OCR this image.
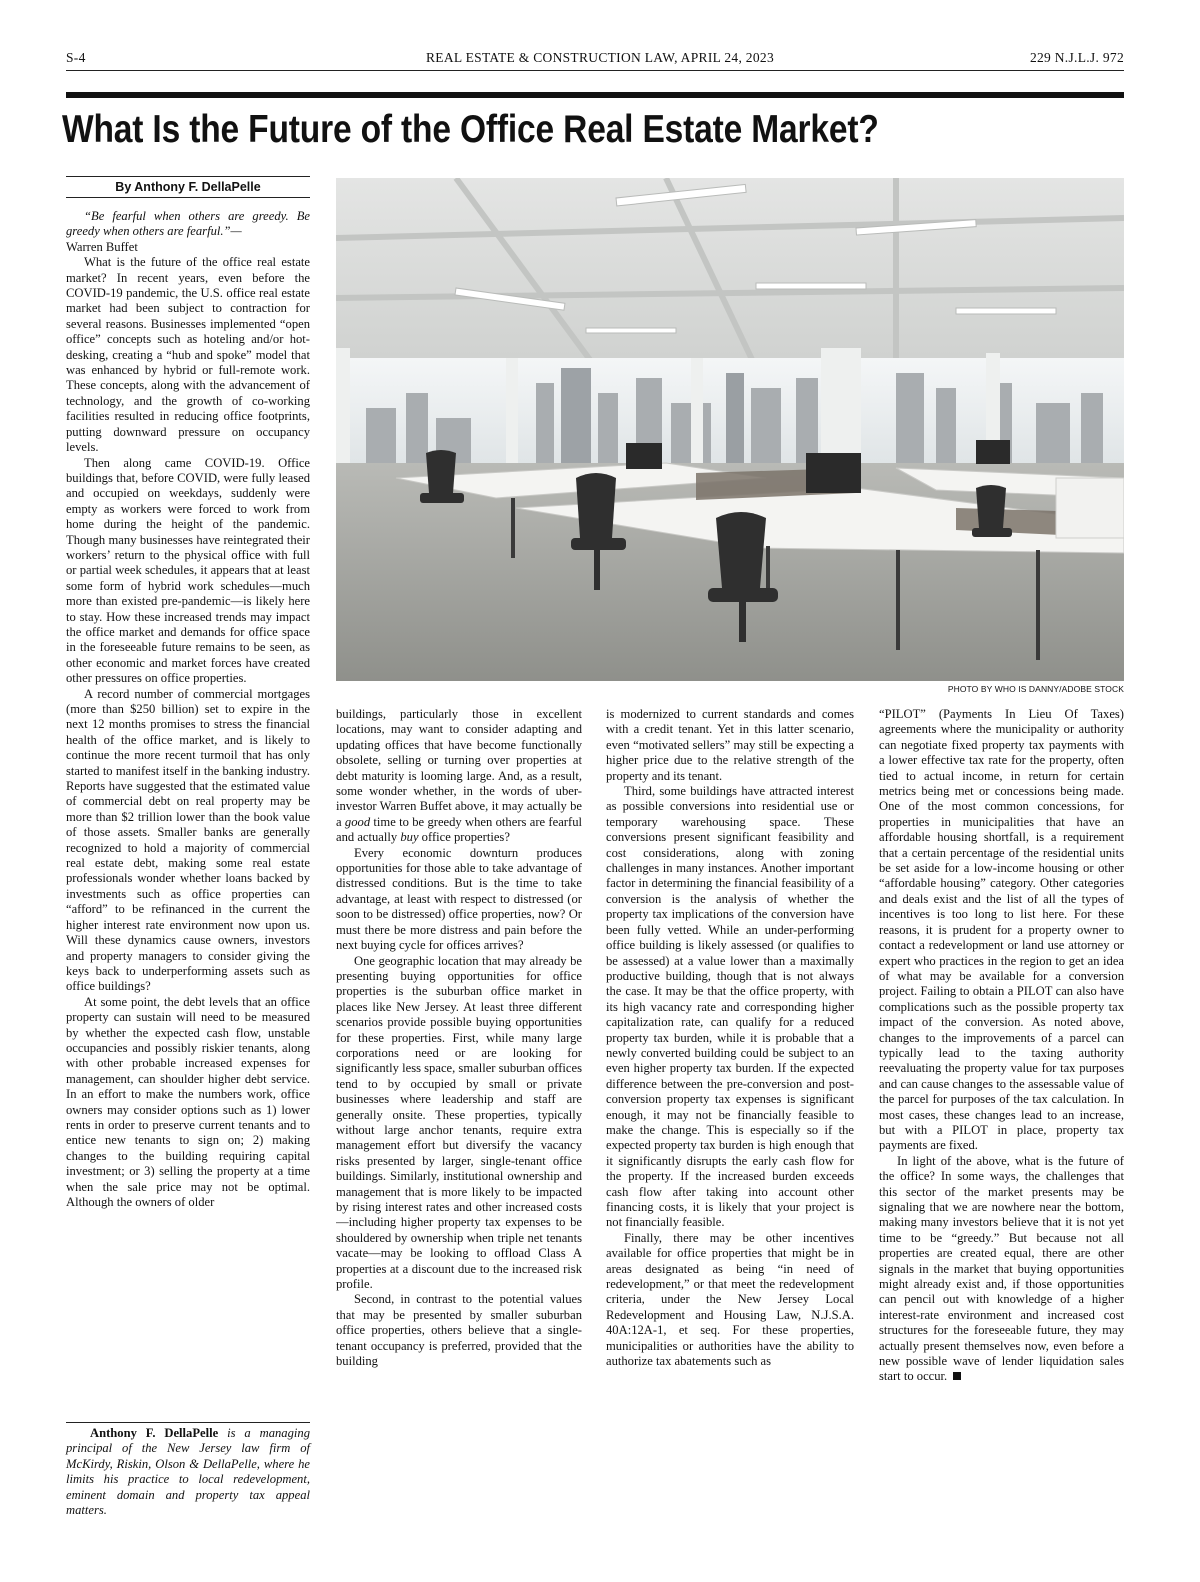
S-4	REAL ESTATE & CONSTRUCTION LAW, APRIL 24, 2023	229 N.J.L.J. 972
What Is the Future of the Office Real Estate Market?
By Anthony F. DellaPelle

“Be fearful when others are greedy. Be greedy when others are fearful.”—

Warren Buffet

What is the future of the office real estate market? In recent years, even before the COVID-19 pandemic, the U.S. office real estate market had been subject to contraction for several reasons. Businesses implemented “open office” concepts such as hoteling and/or hot-desking, creating a “hub and spoke” model that was enhanced by hybrid or full-remote work. These concepts, along with the advancement of technology, and the growth of co-working facilities resulted in reducing office footprints, putting downward pressure on occupancy levels.

Then along came COVID-19. Office buildings that, before COVID, were fully leased and occupied on weekdays, suddenly were empty as workers were forced to work from home during the height of the pandemic. Though many businesses have reintegrated their workers’ return to the physical office with full or partial week schedules, it appears that at least some form of hybrid work schedules—much more than existed pre-pandemic—is likely here to stay. How these increased trends may impact the office market and demands for office space in the foreseeable future remains to be seen, as other economic and market forces have created other pressures on office properties.

A record number of commercial mortgages (more than $250 billion) set to expire in the next 12 months promises to stress the financial health of the office market, and is likely to continue the more recent turmoil that has only started to manifest itself in the banking industry. Reports have suggested that the estimated value of commercial debt on real property may be more than $2 trillion lower than the book value of those assets. Smaller banks are generally recognized to hold a majority of commercial real estate debt, making some real estate professionals wonder whether loans backed by investments such as office properties can “afford” to be refinanced in the current the higher interest rate environment now upon us. Will these dynamics cause owners, investors and property managers to consider giving the keys back to underperforming assets such as office buildings?

At some point, the debt levels that an office property can sustain will need to be measured by whether the expected cash flow, unstable occupancies and possibly riskier tenants, along with other probable increased expenses for management, can shoulder higher debt service. In an effort to make the numbers work, office owners may consider options such as 1) lower rents in order to preserve current tenants and to entice new tenants to sign on; 2) making changes to the building requiring capital investment; or 3) selling the property at a time when the sale price may not be optimal. Although the owners of older

Anthony F. DellaPelle is a managing principal of the New Jersey law firm of McKirdy, Riskin, Olson & DellaPelle, where he limits his practice to local redevelopment, eminent domain and property tax appeal matters.
PHOTO BY WHO IS DANNY/ADOBE STOCK

buildings, particularly those in excellent locations, may want to consider adapting and updating offices that have become functionally obsolete, selling or turning over properties at debt maturity is looming large. And, as a result, some wonder whether, in the words of uber-investor Warren Buffet above, it may actually be a good time to be greedy when others are fearful and actually buy office properties?

Every economic downturn produces opportunities for those able to take advantage of distressed conditions. But is the time to take advantage, at least with respect to distressed (or soon to be distressed) office properties, now? Or must there be more distress and pain before the next buying cycle for offices arrives?

One geographic location that may already be presenting buying opportunities for office properties is the suburban office market in places like New Jersey. At least three different scenarios provide possible buying opportunities for these properties. First, while many large corporations need or are looking for significantly less space, smaller suburban offices tend to by occupied by small or private businesses where leadership and staff are generally onsite. These properties, typically without large anchor tenants, require extra management effort but diversify the vacancy risks presented by larger, single-tenant office buildings. Similarly, institutional ownership and management that is more likely to be impacted by rising interest rates and other increased costs—including higher property tax expenses to be shouldered by ownership when triple net tenants vacate—may be looking to offload Class A properties at a discount due to the increased risk profile.

Second, in contrast to the potential values that may be presented by smaller suburban office properties, others believe that a single-tenant occupancy is preferred, provided that the building

is modernized to current standards and comes with a credit tenant. Yet in this latter scenario, even “motivated sellers” may still be expecting a higher price due to the relative strength of the property and its tenant.

Third, some buildings have attracted interest as possible conversions into residential use or temporary warehousing space. These conversions present significant feasibility and cost considerations, along with zoning challenges in many instances. Another important factor in determining the financial feasibility of a conversion is the analysis of whether the property tax implications of the conversion have been fully vetted. While an under-performing office building is likely assessed (or qualifies to be assessed) at a value lower than a maximally productive building, though that is not always the case. It may be that the office property, with its high vacancy rate and corresponding higher capitalization rate, can qualify for a reduced property tax burden, while it is probable that a newly converted building could be subject to an even higher property tax burden. If the expected difference between the pre-conversion and post-conversion property tax expenses is significant enough, it may not be financially feasible to make the change. This is especially so if the expected property tax burden is high enough that it significantly disrupts the early cash flow for the property. If the increased burden exceeds cash flow after taking into account other financing costs, it is likely that your project is not financially feasible.

Finally, there may be other incentives available for office properties that might be in areas designated as being “in need of redevelopment,” or that meet the redevelopment criteria, under the New Jersey Local Redevelopment and Housing Law, N.J.S.A. 40A:12A-1, et seq. For these properties, municipalities or authorities have the ability to authorize tax abatements such as

“PILOT” (Payments In Lieu Of Taxes) agreements where the municipality or authority can negotiate fixed property tax payments with a lower effective tax rate for the property, often tied to actual income, in return for certain metrics being met or concessions being made. One of the most common concessions, for properties in municipalities that have an affordable housing shortfall, is a requirement that a certain percentage of the residential units be set aside for a low-income housing or other “affordable housing” category. Other categories and deals exist and the list of all the types of incentives is too long to list here. For these reasons, it is prudent for a property owner to contact a redevelopment or land use attorney or expert who practices in the region to get an idea of what may be available for a conversion project. Failing to obtain a PILOT can also have complications such as the possible property tax impact of the conversion. As noted above, changes to the improvements of a parcel can typically lead to the taxing authority reevaluating the property value for tax purposes and can cause changes to the assessable value of the parcel for purposes of the tax calculation. In most cases, these changes lead to an increase, but with a PILOT in place, property tax payments are fixed.

In light of the above, what is the future of the office? In some ways, the challenges that this sector of the market presents may be signaling that we are nowhere near the bottom, making many investors believe that it is not yet time to be “greedy.” But because not all properties are created equal, there are other signals in the market that buying opportunities might already exist and, if those opportunities can pencil out with knowledge of a higher interest-rate environment and increased cost structures for the foreseeable future, they may actually present themselves now, even before a new possible wave of lender liquidation sales start to occur.
